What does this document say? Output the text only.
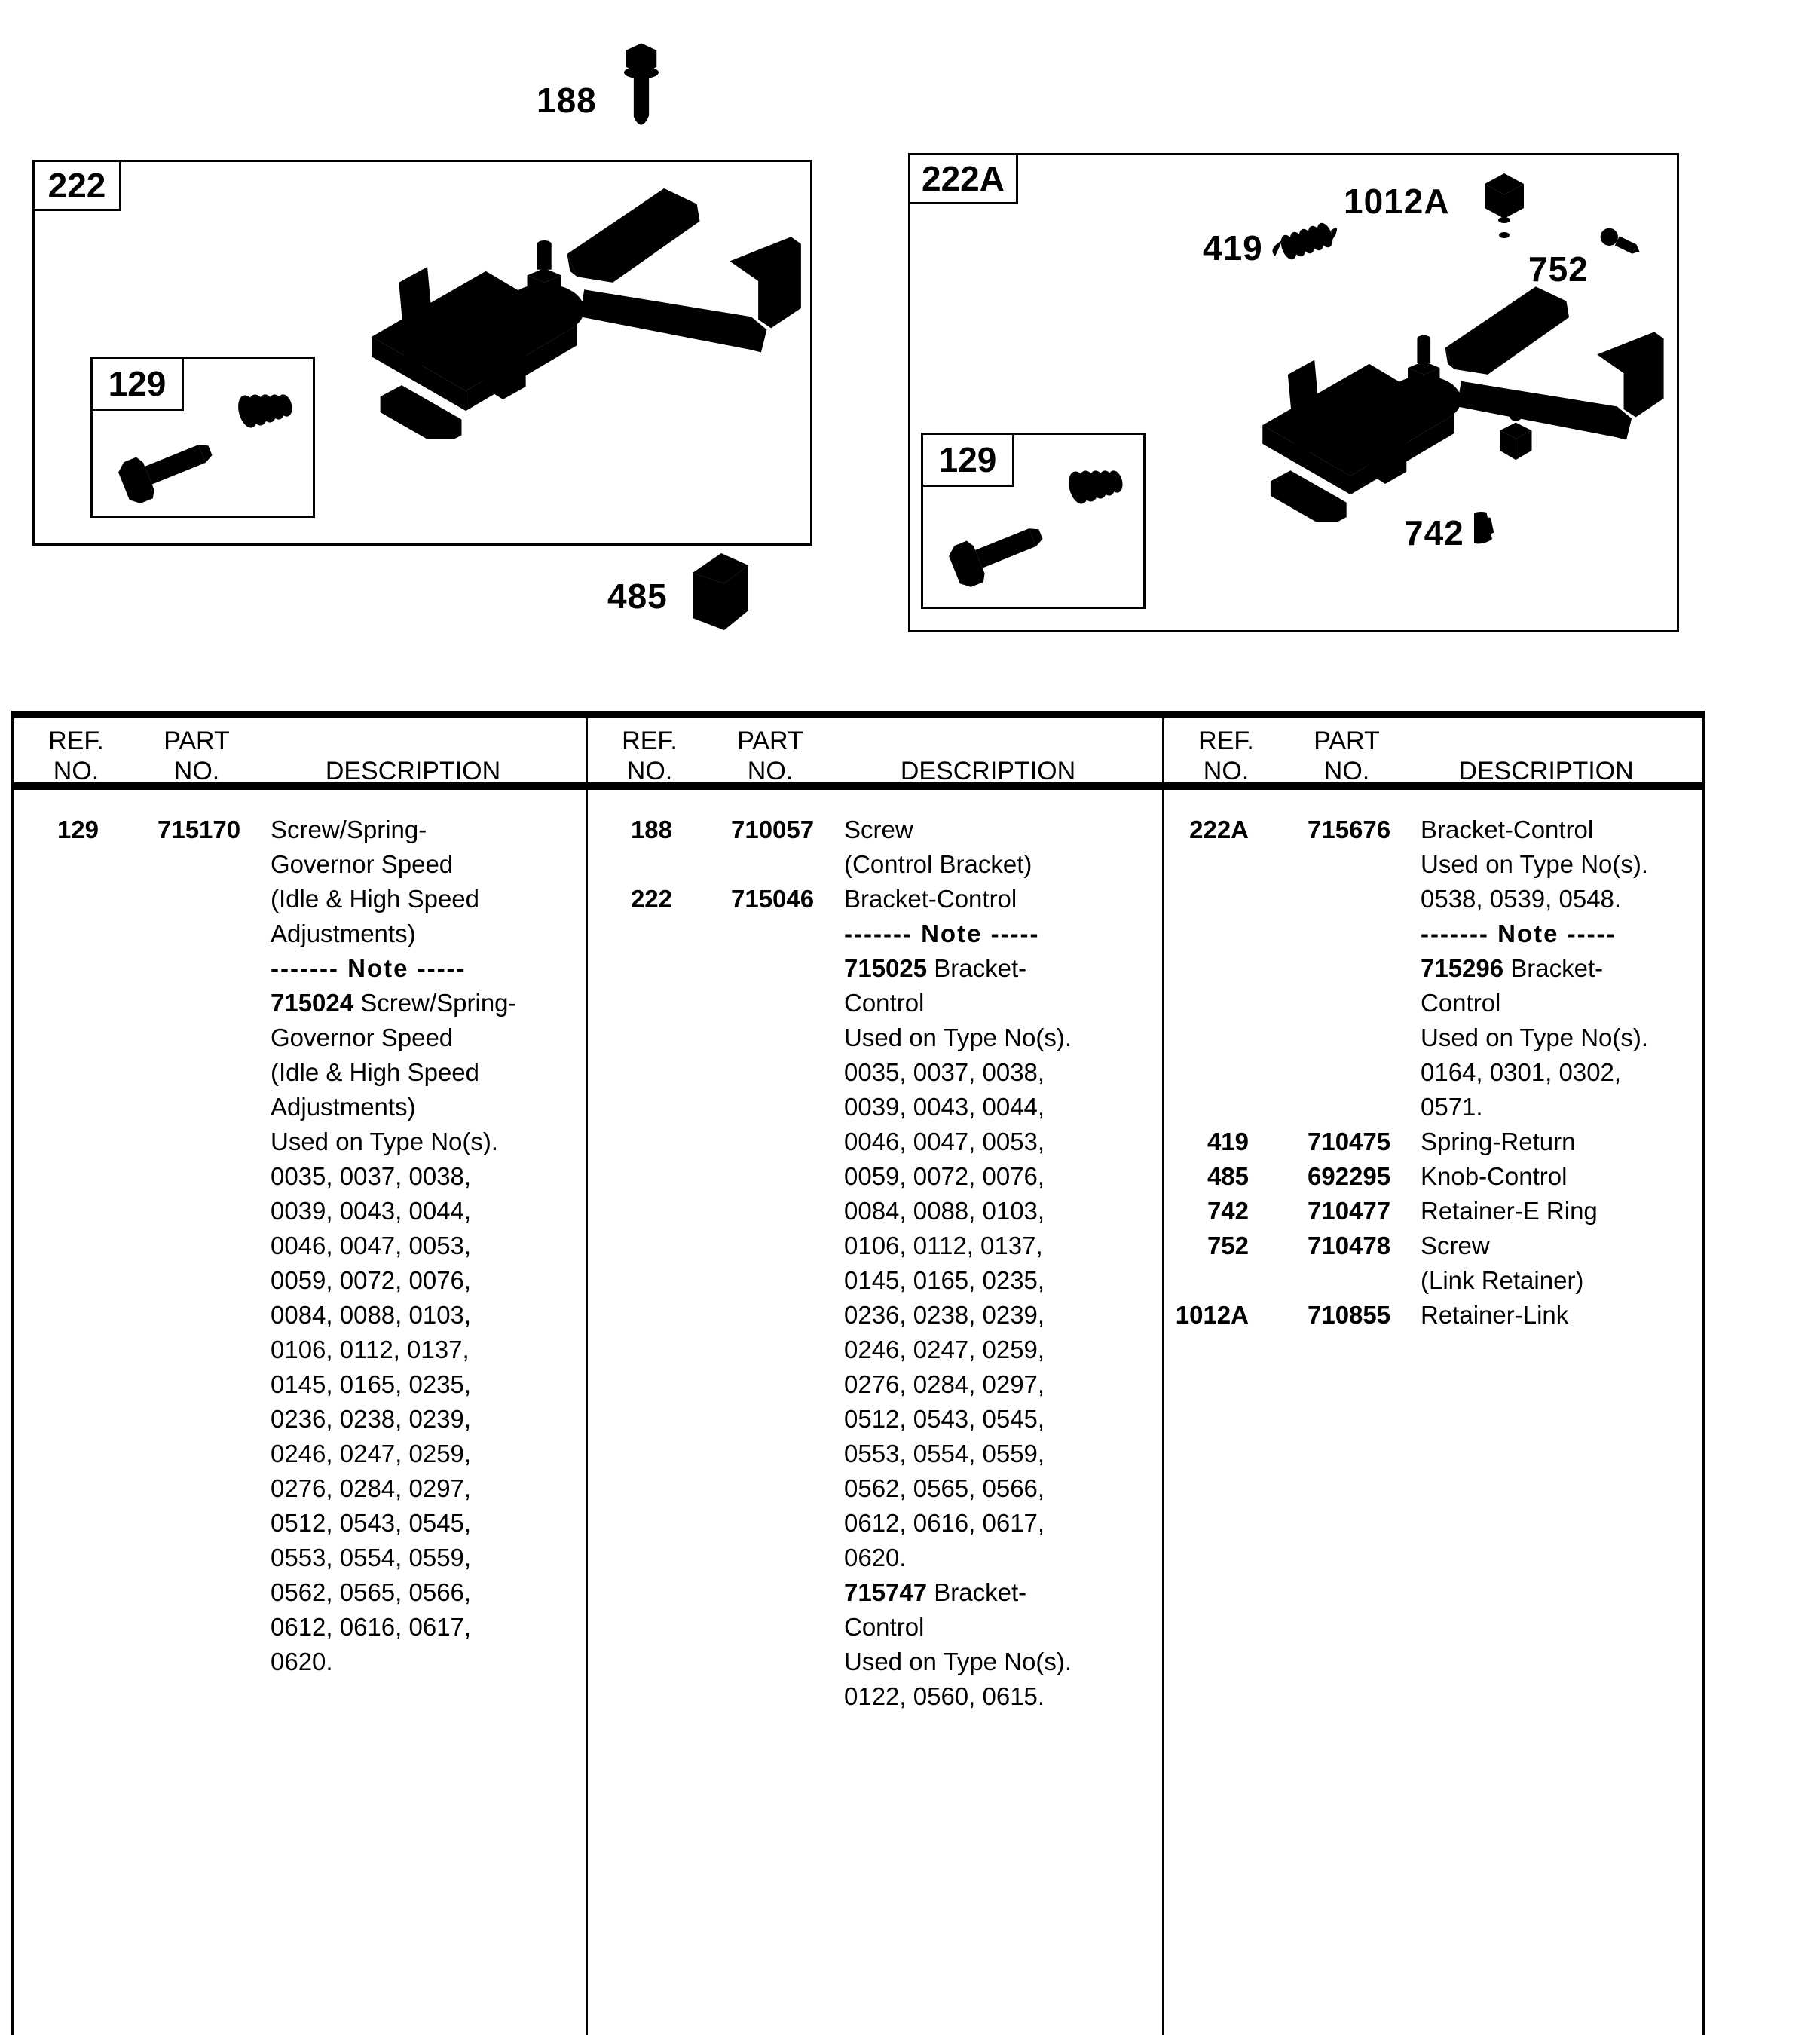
188
222
129
485
222A
1012A
419
752
742
129
REF.
NO.
PART
NO.	DESCRIPTION
REF.
NO.
PART
NO.	DESCRIPTION
REF.
NO.
PART
NO.	DESCRIPTION
129 715170 Screw/Spring-
Governor Speed
(Idle & High Speed
Adjustments)
------- Note -----
715024 Screw/Spring-
Governor Speed
(Idle & High Speed
Adjustments)
Used on Type No(s).
0035, 0037, 0038,
0039, 0043, 0044,
0046, 0047, 0053,
0059, 0072, 0076,
0084, 0088, 0103,
0106, 0112, 0137,
0145, 0165, 0235,
0236, 0238, 0239,
0246, 0247, 0259,
0276, 0284, 0297,
0512, 0543, 0545,
0553, 0554, 0559,
0562, 0565, 0566,
0612, 0616, 0617,
0620.
188 710057 Screw
(Control Bracket)
222 715046 Bracket-Control
------- Note -----
715025 Bracket-
Control
Used on Type No(s).
0035, 0037, 0038,
0039, 0043, 0044,
0046, 0047, 0053,
0059, 0072, 0076,
0084, 0088, 0103,
0106, 0112, 0137,
0145, 0165, 0235,
0236, 0238, 0239,
0246, 0247, 0259,
0276, 0284, 0297,
0512, 0543, 0545,
0553, 0554, 0559,
0562, 0565, 0566,
0612, 0616, 0617,
0620.
715747 Bracket-
Control
Used on Type No(s).
0122, 0560, 0615.
222A 715676 Bracket-Control
Used on Type No(s).
0538, 0539, 0548.
------- Note -----
715296 Bracket-
Control
Used on Type No(s).
0164, 0301, 0302,
0571.
419 710475 Spring-Return
485 692295 Knob-Control
742 710477 Retainer-E Ring
752 710478 Screw
(Link Retainer)
1012A 710855 Retainer-Link
